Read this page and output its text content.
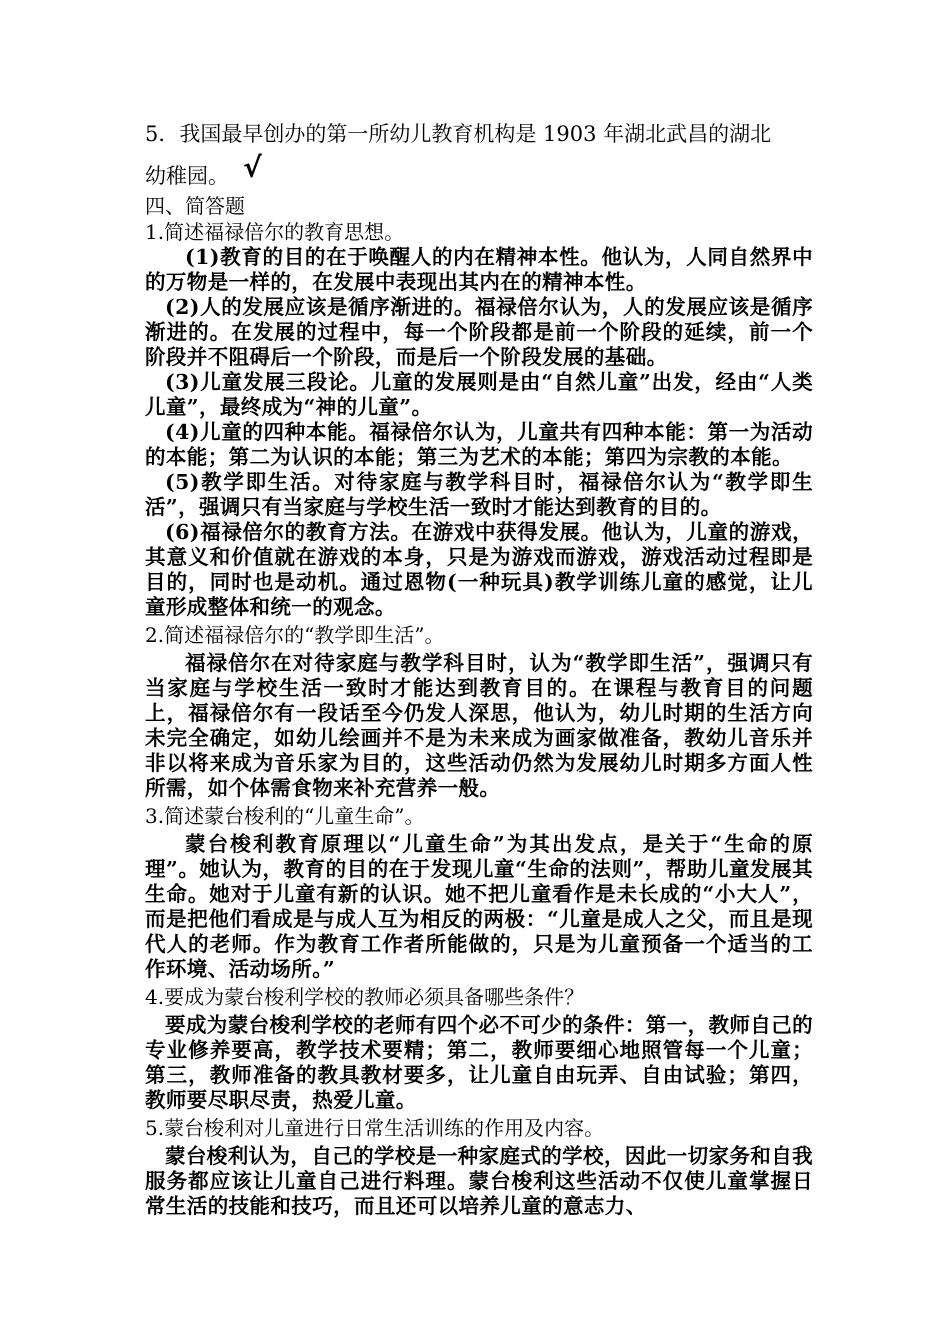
5．我国最早创办的第一所幼儿教育机构是 1903 年湖北武昌的湖北
幼稚园。 √
四、简答题
1.简述福禄倍尔的教育思想。

(1)教育的目的在于唤醒人的内在精神本性。他认为，人同自然界中的万物是一样的，在发展中表现出其内在的精神本性。

(2)人的发展应该是循序渐进的。福禄倍尔认为，人的发展应该是循序渐进的。在发展的过程中，每一个阶段都是前一个阶段的延续，前一个阶段并不阻碍后一个阶段，而是后一个阶段发展的基础。

(3)儿童发展三段论。儿童的发展则是由“自然儿童”出发，经由“人类儿童”，最终成为“神的儿童”。

(4)儿童的四种本能。福禄倍尔认为，儿童共有四种本能：第一为活动的本能；第二为认识的本能；第三为艺术的本能；第四为宗教的本能。

(5)教学即生活。对待家庭与教学科目时，福禄倍尔认为“教学即生活”，强调只有当家庭与学校生活一致时才能达到教育的目的。

(6)福禄倍尔的教育方法。在游戏中获得发展。他认为，儿童的游戏，其意义和价值就在游戏的本身，只是为游戏而游戏，游戏活动过程即是目的，同时也是动机。通过恩物(一种玩具)教学训练儿童的感觉，让儿童形成整体和统一的观念。

2.简述福禄倍尔的“教学即生活”。

福禄倍尔在对待家庭与教学科目时，认为“教学即生活”，强调只有当家庭与学校生活一致时才能达到教育目的。在课程与教育目的问题上，福禄倍尔有一段话至今仍发人深思，他认为，幼儿时期的生活方向未完全确定，如幼儿绘画并不是为未来成为画家做准备，教幼儿音乐并非以将来成为音乐家为目的，这些活动仍然为发展幼儿时期多方面人性所需，如个体需食物来补充营养一般。

3.简述蒙台梭利的“儿童生命”。

蒙台梭利教育原理以“儿童生命”为其出发点，是关于“生命的原理”。她认为，教育的目的在于发现儿童“生命的法则”，帮助儿童发展其生命。她对于儿童有新的认识。她不把儿童看作是未长成的“小大人”，而是把他们看成是与成人互为相反的两极：“儿童是成人之父，而且是现代人的老师。作为教育工作者所能做的，只是为儿童预备一个适当的工作环境、活动场所。”

4.要成为蒙台梭利学校的教师必须具备哪些条件？

要成为蒙台梭利学校的老师有四个必不可少的条件：第一，教师自己的专业修养要高，教学技术要精；第二，教师要细心地照管每一个儿童；第三，教师准备的教具教材要多，让儿童自由玩弄、自由试验；第四，教师要尽职尽责，热爱儿童。

5.蒙台梭利对儿童进行日常生活训练的作用及内容。

蒙台梭利认为，自己的学校是一种家庭式的学校，因此一切家务和自我服务都应该让儿童自己进行料理。蒙台梭利这些活动不仅使儿童掌握日常生活的技能和技巧，而且还可以培养儿童的意志力、
